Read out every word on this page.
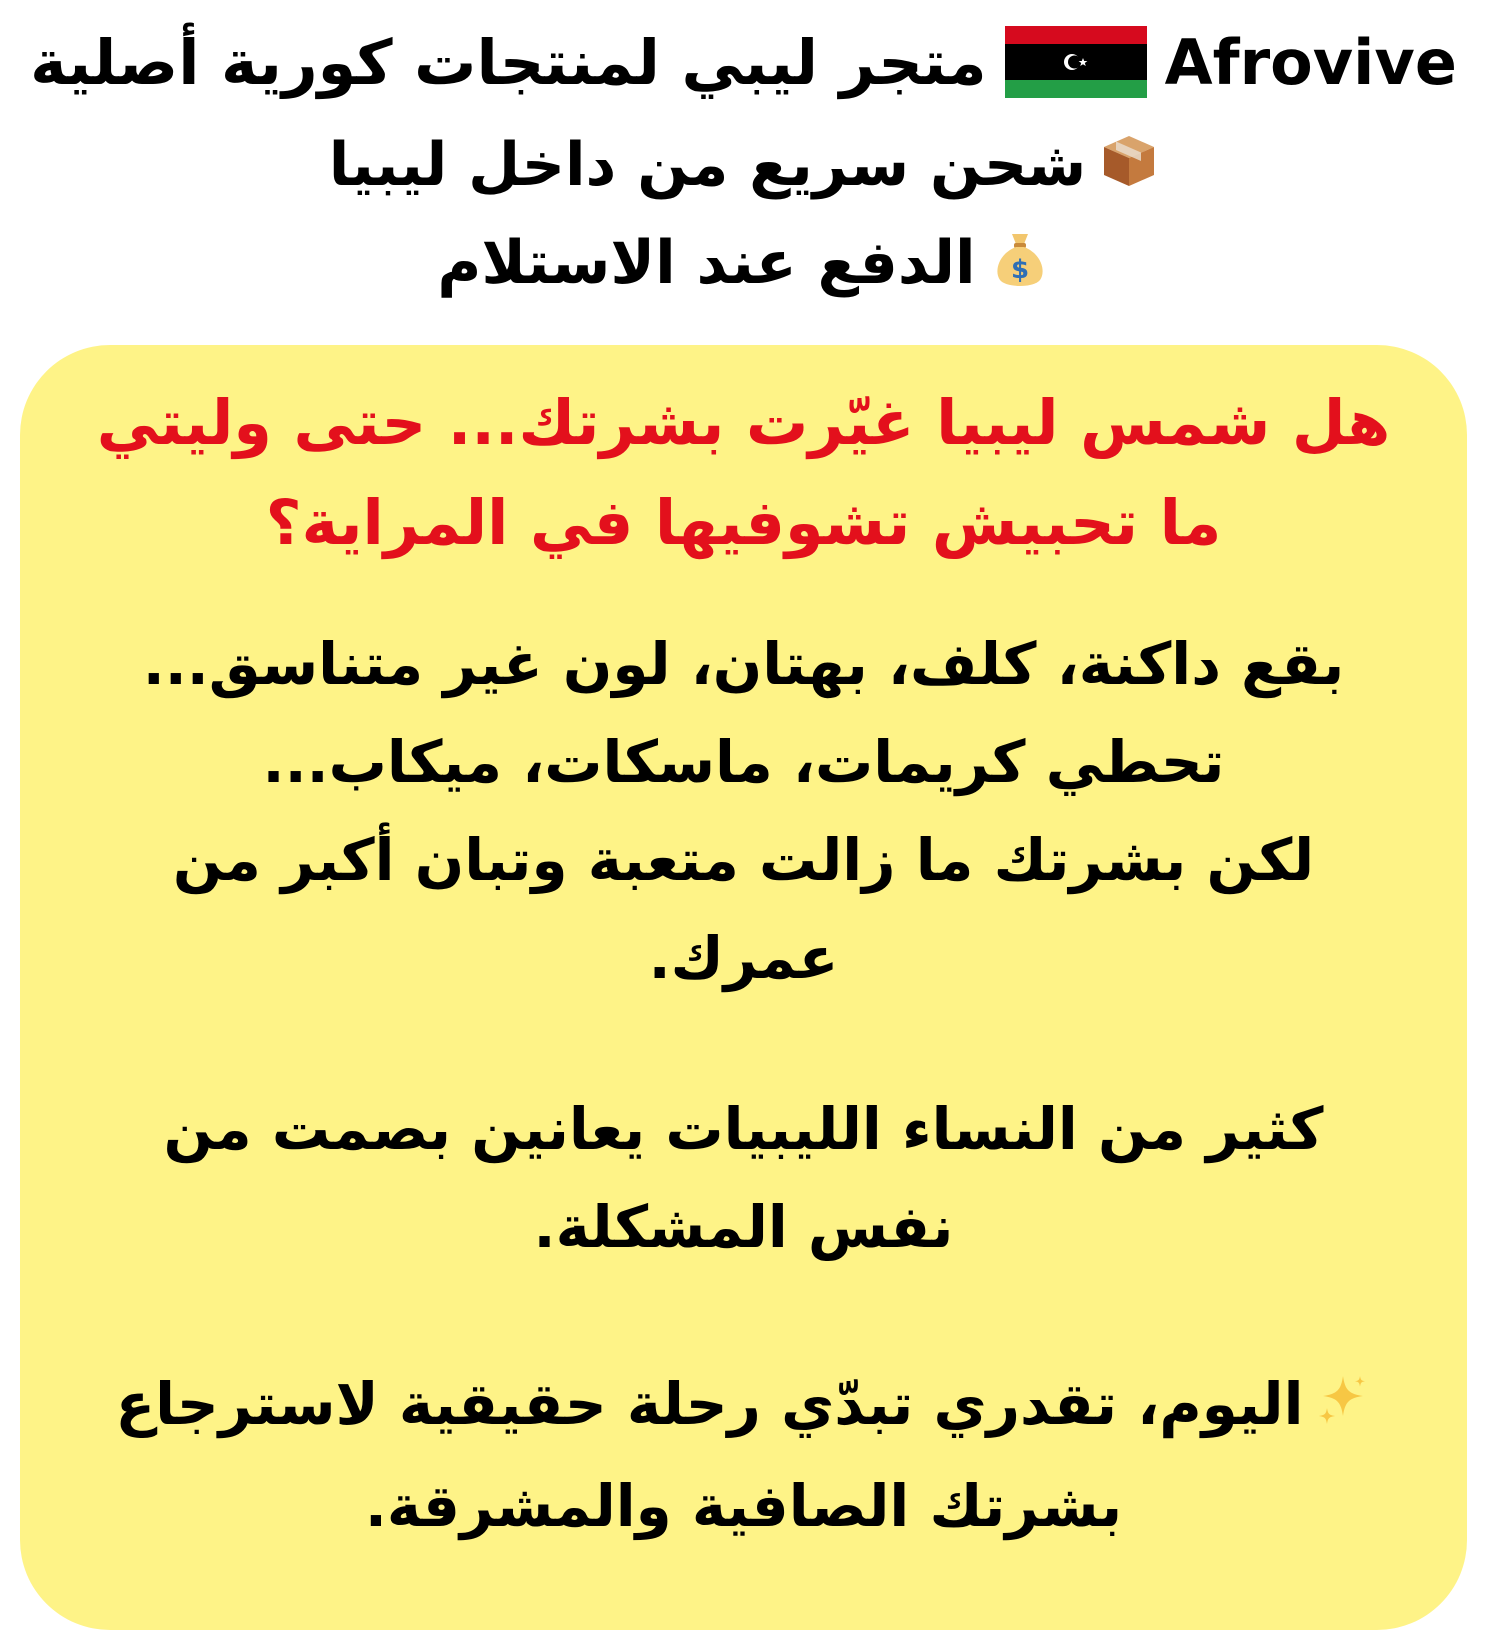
متجر ليبي لمنتجات كورية أصلية	Afrovive
شحن سريع من داخل ليبيا
$
الدفع عند الاستلام
هل شمس ليبيا غيّرت بشرتك... حتى وليتي
ما تحبيش تشوفيها في المراية؟
بقع داكنة، كلف، بهتان، لون غير متناسق...
تحطي كريمات، ماسكات، ميكاب...
لكن بشرتك ما زالت متعبة وتبان أكبر من
عمرك.
كثير من النساء الليبيات يعانين بصمت من
نفس المشكلة.
اليوم، تقدري تبدّي رحلة حقيقية لاسترجاع
بشرتك الصافية والمشرقة.
